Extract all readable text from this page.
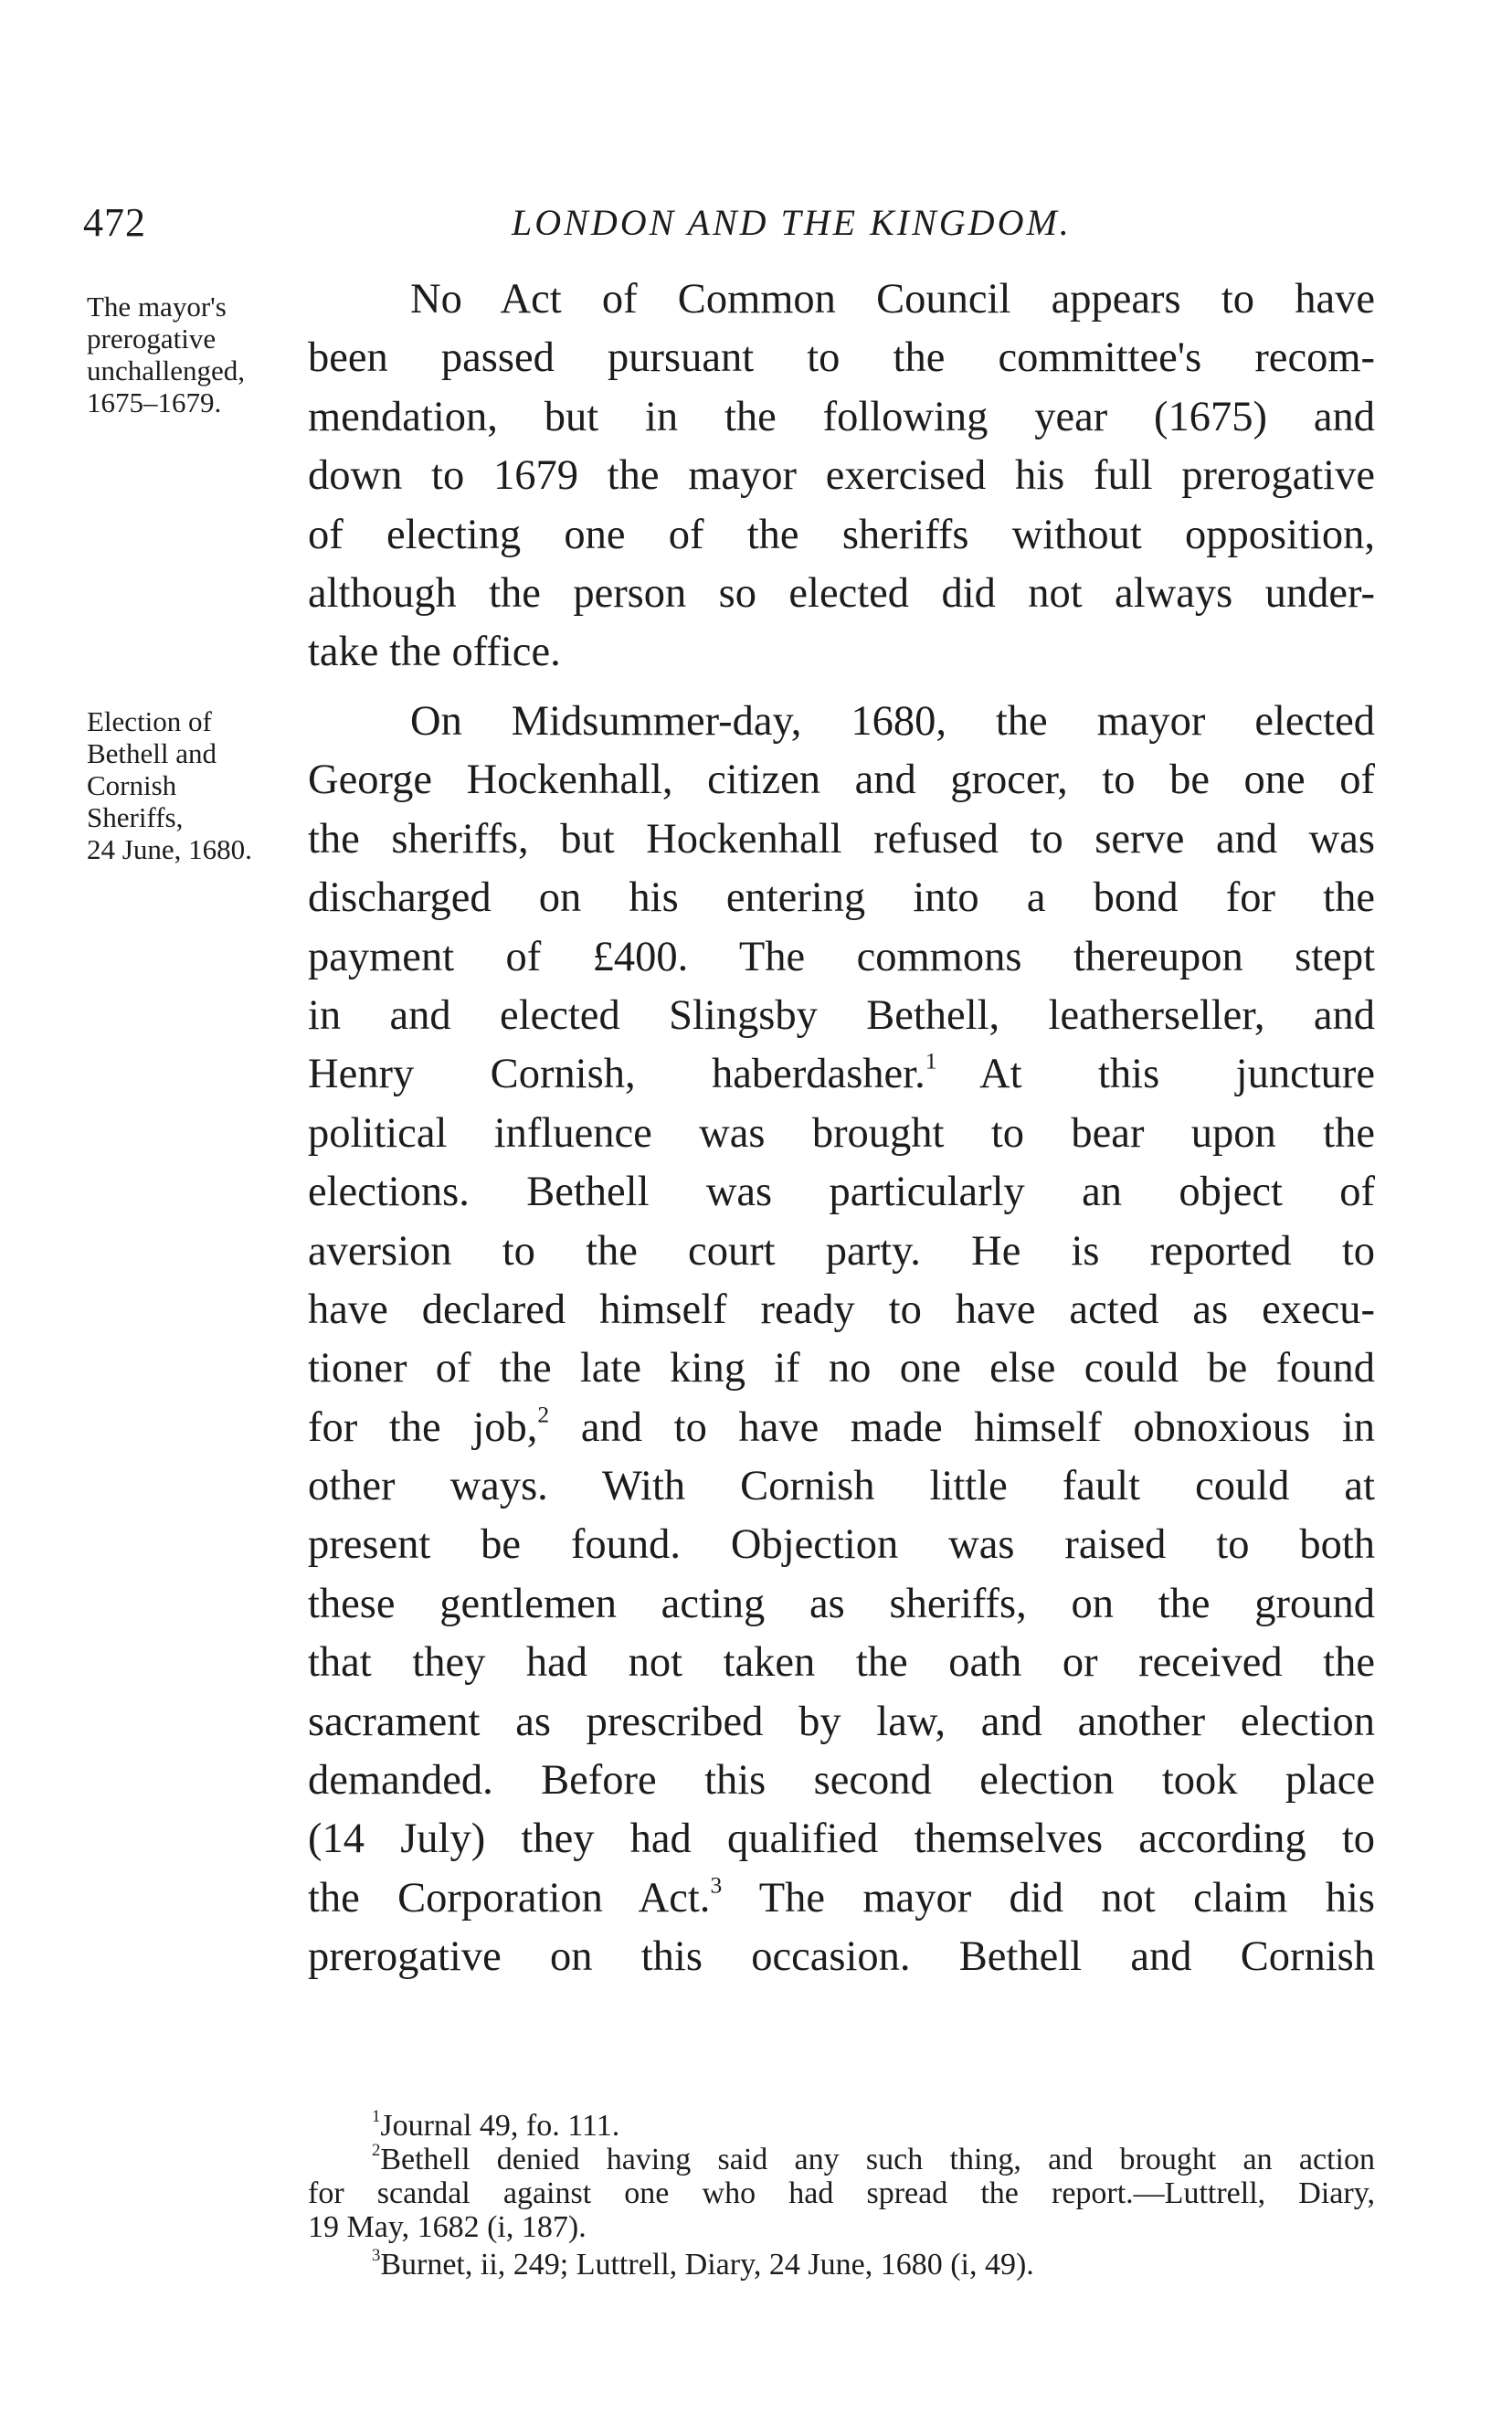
472	LONDON AND THE KINGDOM.
The mayor's
prerogative
unchallenged,
1675–1679.
Election of
Bethell and
Cornish
Sheriffs,
24 June, 1680.
No Act of Common Council appears to have
been passed pursuant to the committee's recom-
mendation, but in the following year (1675) and
down to 1679 the mayor exercised his full prerogative
of electing one of the sheriffs without opposition,
although the person so elected did not always under-
take the office.
On Midsummer-day, 1680, the mayor elected
George Hockenhall, citizen and grocer, to be one of
the sheriffs, but Hockenhall refused to serve and was
discharged on his entering into a bond for the
payment of £400. The commons thereupon stept
in and elected Slingsby Bethell, leatherseller, and
Henry Cornish, haberdasher.$^1$  At this juncture
political influence was brought to bear upon the
elections. Bethell was particularly an object of
aversion to the court party. He is reported to
have declared himself ready to have acted as execu-
tioner of the late king if no one else could be found
for the job,$^2$ and to have made himself obnoxious in
other ways. With Cornish little fault could at
present be found. Objection was raised to both
these gentlemen acting as sheriffs, on the ground
that they had not taken the oath or received the
sacrament as prescribed by law, and another election
demanded. Before this second election took place
(14 July) they had qualified themselves according to
the Corporation Act.$^3$ The mayor did not claim his
prerogative on this occasion. Bethell and Cornish
$^1$Journal 49, fo. 111.
$^2$Bethell denied having said any such thing, and brought an action
for scandal against one who had spread the report.—Luttrell, Diary,
19 May, 1682 (i, 187).
$^3$Burnet, ii, 249; Luttrell, Diary, 24 June, 1680 (i, 49).
